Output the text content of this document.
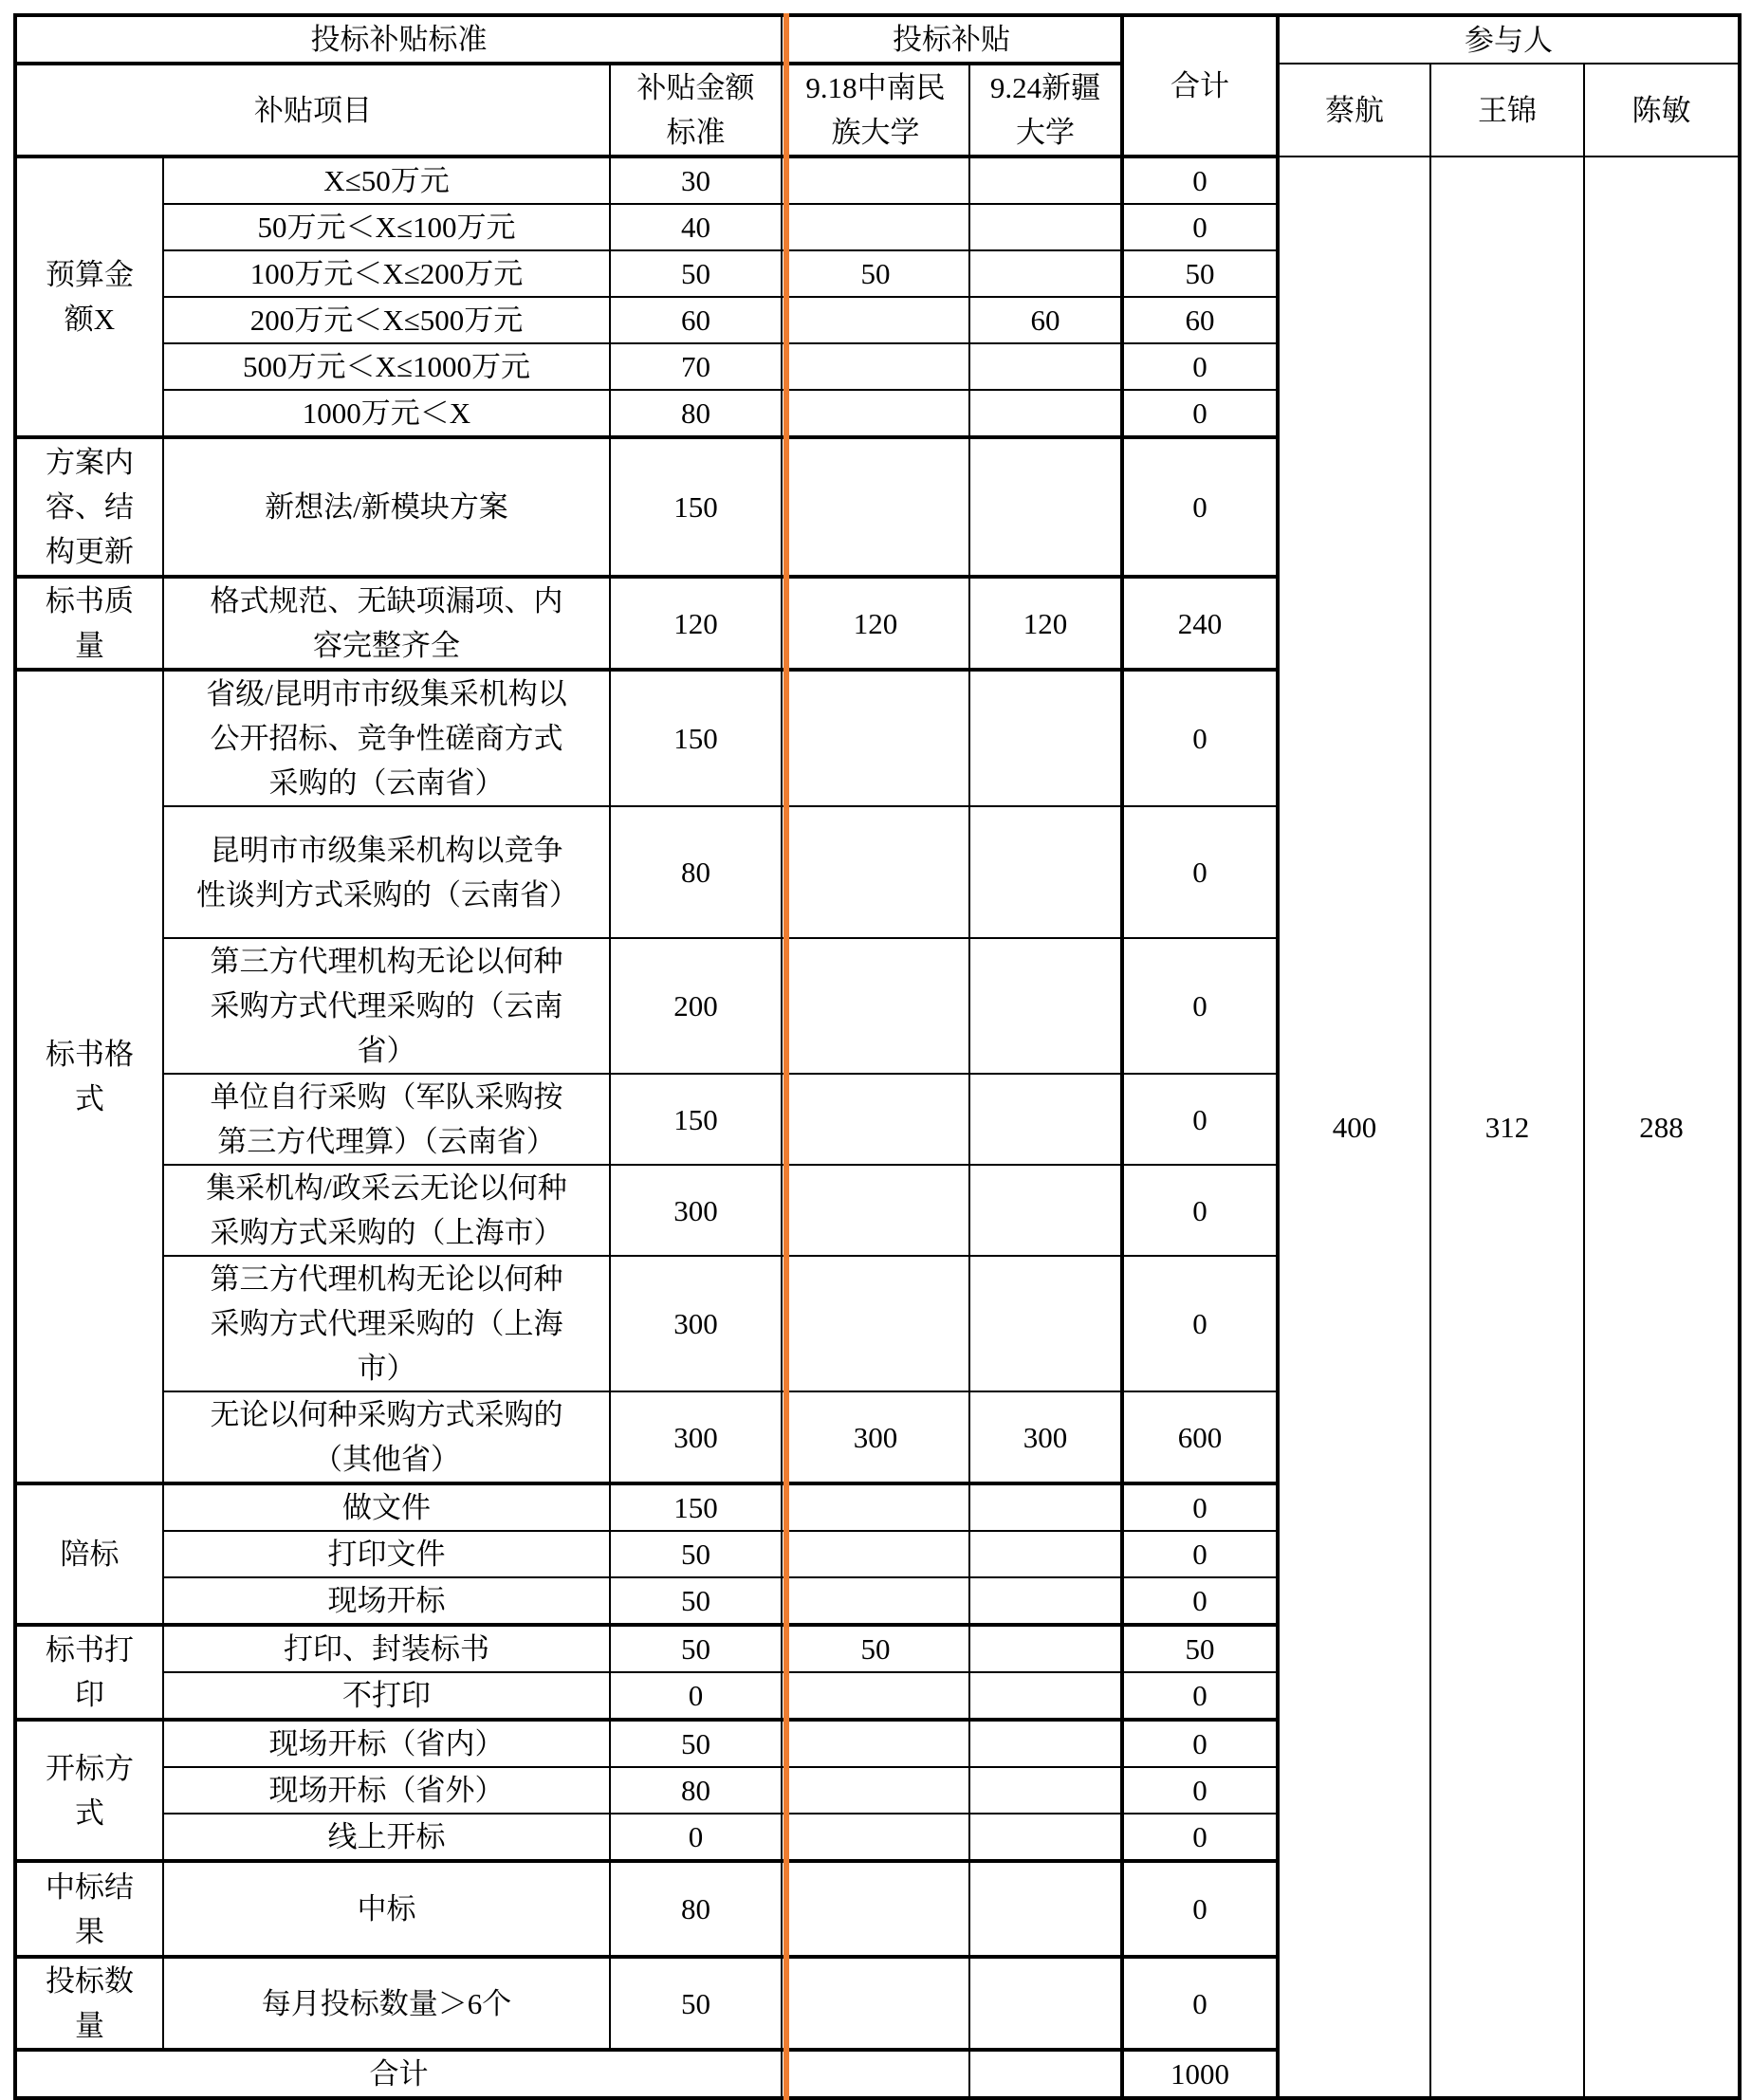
投标补贴标准			投标补贴		合计	参与人		
补贴项目		补贴金额标准	9.18中南民族大学	9.24新疆大学		蔡航	王锦	陈敏
预算金额X	X≤50万元	30			0	400	312	288
	50万元＜X≤100万元	40			0			
	100万元＜X≤200万元	50	50		50			
	200万元＜X≤500万元	60		60	60			
	500万元＜X≤1000万元	70			0			
	1000万元＜X	80			0			
方案内容、结构更新	新想法/新模块方案	150			0			
标书质量	格式规范、无缺项漏项、内容完整齐全	120	120	120	240			
标书格式	省级/昆明市市级集采机构以公开招标、竞争性磋商方式采购的（云南省）	150			0			
	昆明市市级集采机构以竞争性谈判方式采购的（云南省）	80			0			
	第三方代理机构无论以何种采购方式代理采购的（云南省）	200			0			
	单位自行采购（军队采购按第三方代理算）（云南省）	150			0			
	集采机构/政采云无论以何种采购方式采购的（上海市）	300			0			
	第三方代理机构无论以何种采购方式代理采购的（上海市）	300			0			
	无论以何种采购方式采购的（其他省）	300	300	300	600			
陪标	做文件	150			0			
	打印文件	50			0			
	现场开标	50			0			
标书打印	打印、封装标书	50	50		50			
	不打印	0			0			
开标方式	现场开标（省内）	50			0			
	现场开标（省外）	80			0			
	线上开标	0			0			
中标结果	中标	80			0			
投标数量	每月投标数量＞6个	50			0			
合计					1000			
